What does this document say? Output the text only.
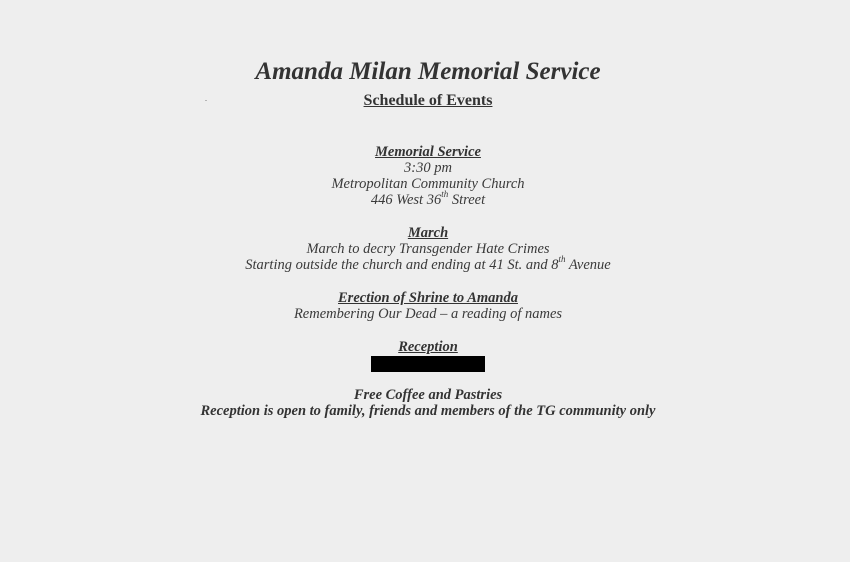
Amanda Milan Memorial Service
Schedule of Events
Memorial Service
3:30 pm
Metropolitan Community Church
446 West 36th Street
March
March to decry Transgender Hate Crimes
Starting outside the church and ending at 41 St. and 8th Avenue
Erection of Shrine to Amanda
Remembering Our Dead – a reading of names
Reception
Free Coffee and Pastries
Reception is open to family, friends and members of the TG community only
